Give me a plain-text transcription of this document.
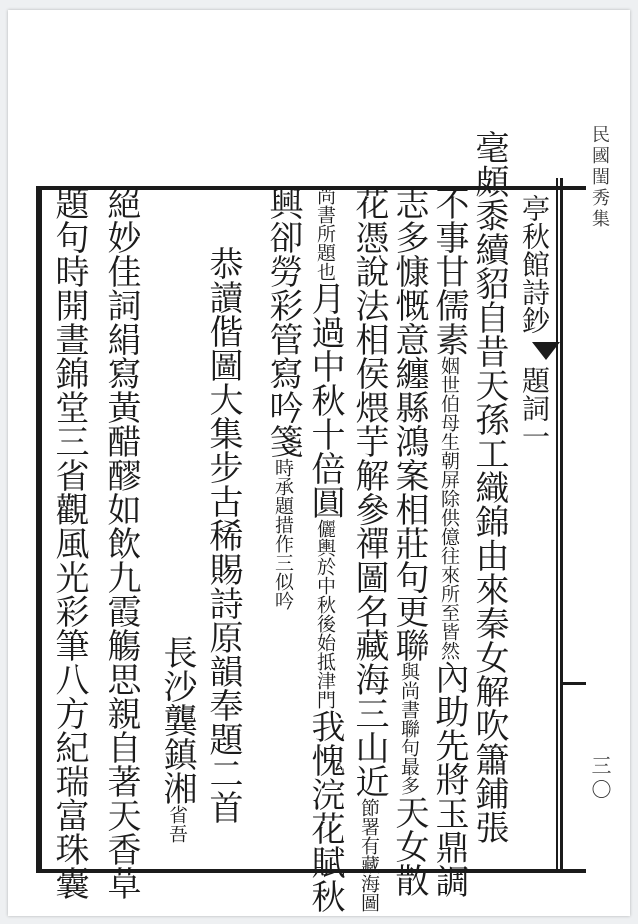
民國閨秀集
三〇
亭秋館詩鈔
題詞一
毫頗黍續貂自昔天孫工織錦由來秦女解吹簫鋪張
不事甘儒素姻世伯母生朝屏除供億往來所至皆然內助先將玉鼎調
志多慷慨意纏縣鴻案相莊句更聯與尚書聯句最多天女散
花憑說法相侯煨芋解參禪圖名藏海三山近節署有藏海圖
尚書所題也月過中秋十倍圓儷輿於中秋後始抵津門我愧浣花賦秋
興卻勞彩管寫吟箋時承題措作三似吟
恭讀偕圖大集步古稀賜詩原韻奉題二首
長沙龔鎮湘省吾
絕妙佳詞絹寫黃醋醪如飲九霞觴思親自著天香草
題句時開晝錦堂三省觀風光彩筆八方紀瑞富珠囊
